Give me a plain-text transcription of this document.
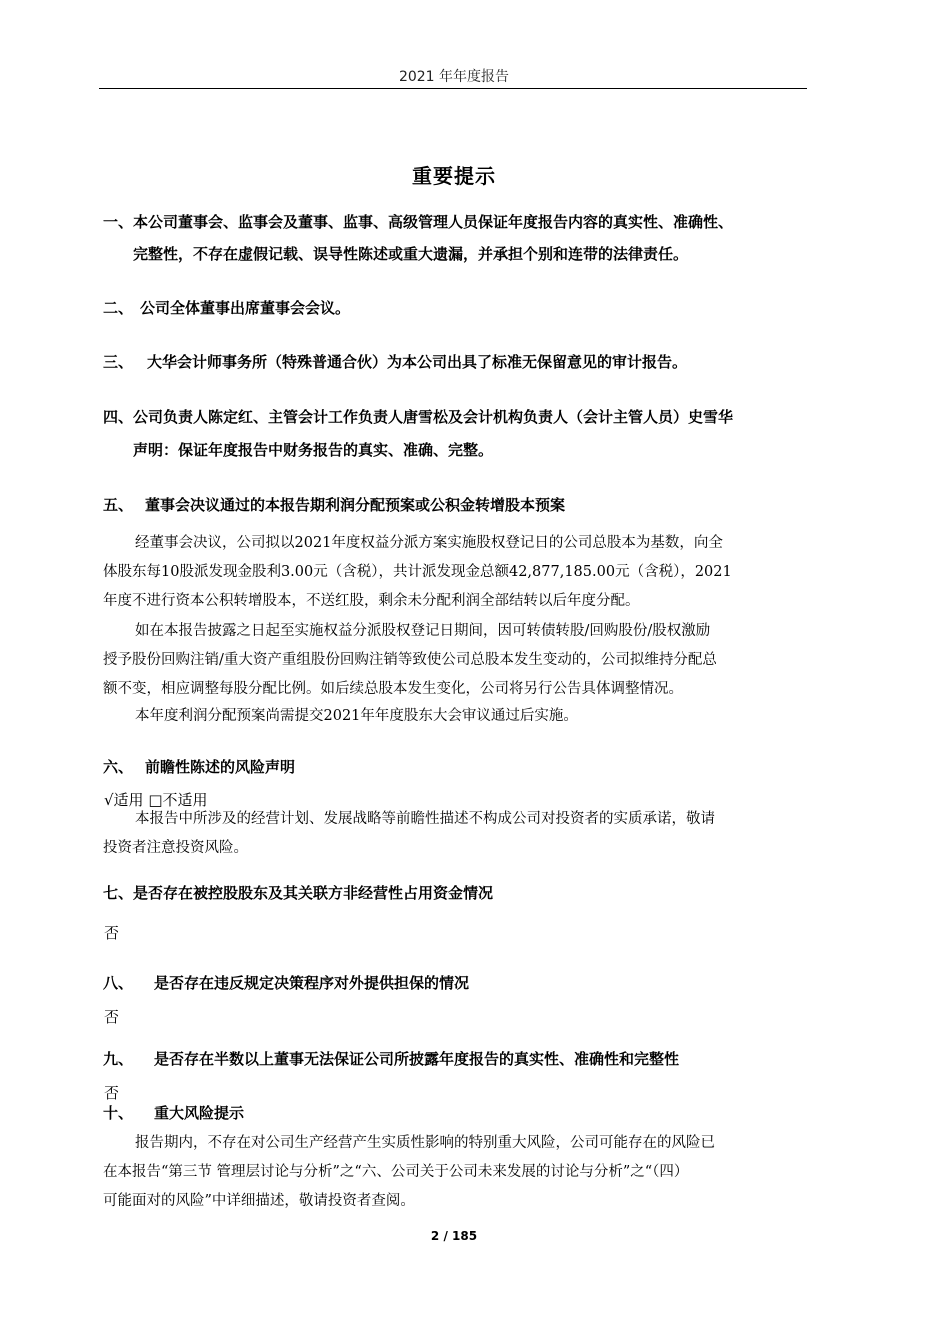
2021 年年度报告
重要提示
一、本公司董事会、监事会及董事、监事、高级管理人员保证年度报告内容的真实性、准确性、
完整性，不存在虚假记载、误导性陈述或重大遗漏，并承担个别和连带的法律责任。
二、 公司全体董事出席董事会会议。
三、 大华会计师事务所（特殊普通合伙）为本公司出具了标准无保留意见的审计报告。
四、公司负责人陈定红、主管会计工作负责人唐雪松及会计机构负责人（会计主管人员）史雪华
声明：保证年度报告中财务报告的真实、准确、完整。
五、 董事会决议通过的本报告期利润分配预案或公积金转增股本预案
经董事会决议，公司拟以2021年度权益分派方案实施股权登记日的公司总股本为基数，向全
体股东每10股派发现金股利3.00元（含税），共计派发现金总额42,877,185.00元（含税），2021
年度不进行资本公积转增股本，不送红股，剩余未分配利润全部结转以后年度分配。
如在本报告披露之日起至实施权益分派股权登记日期间，因可转债转股/回购股份/股权激励
授予股份回购注销/重大资产重组股份回购注销等致使公司总股本发生变动的，公司拟维持分配总
额不变，相应调整每股分配比例。如后续总股本发生变化，公司将另行公告具体调整情况。
本年度利润分配预案尚需提交2021年年度股东大会审议通过后实施。
六、 前瞻性陈述的风险声明
√适用 □不适用
本报告中所涉及的经营计划、发展战略等前瞻性描述不构成公司对投资者的实质承诺，敬请
投资者注意投资风险。
七、是否存在被控股股东及其关联方非经营性占用资金情况
否
八、 是否存在违反规定决策程序对外提供担保的情况
否
九、 是否存在半数以上董事无法保证公司所披露年度报告的真实性、准确性和完整性
否
十、 重大风险提示
报告期内，不存在对公司生产经营产生实质性影响的特别重大风险，公司可能存在的风险已
在本报告“第三节 管理层讨论与分析”之“六、公司关于公司未来发展的讨论与分析”之“（四）
可能面对的风险”中详细描述，敬请投资者查阅。
2 / 185
